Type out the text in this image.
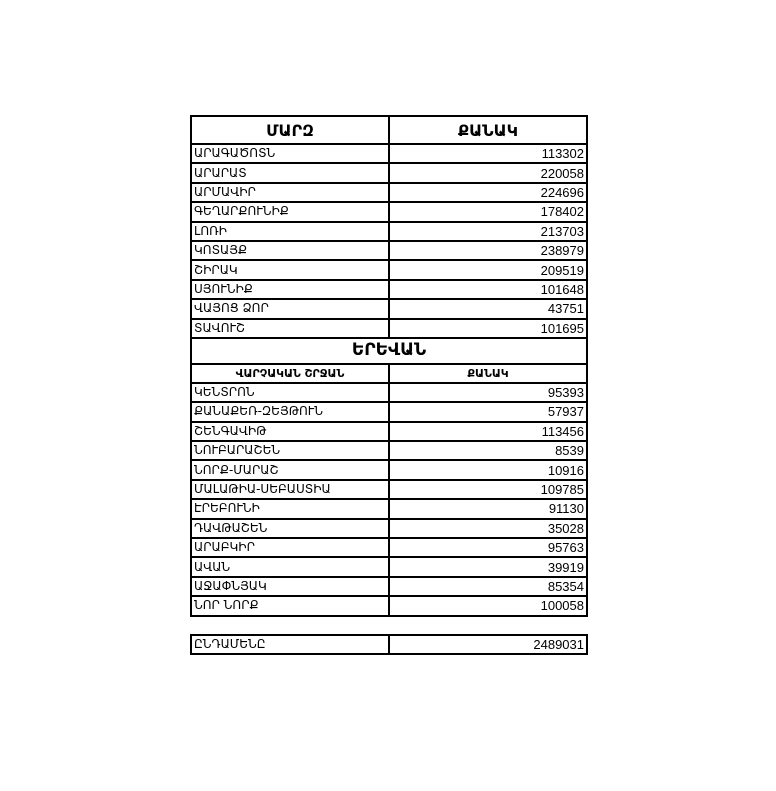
ՄԱՐԶ	ՔԱՆԱԿ
ԱՐԱԳԱԾՈՏՆ	113302
ԱՐԱՐԱՏ	220058
ԱՐՄԱՎԻՐ	224696
ԳԵՂԱՐՔՈՒՆԻՔ	178402
ԼՈՌԻ	213703
ԿՈՏԱՅՔ	238979
ՇԻՐԱԿ	209519
ՍՅՈՒՆԻՔ	101648
ՎԱՅՈՑ ՁՈՐ	43751
ՏԱՎՈՒՇ	101695
ԵՐԵՎԱՆ	
ՎԱՐՉԱԿԱՆ ՇՐՋԱՆ	ՔԱՆԱԿ
ԿԵՆՏՐՈՆ	95393
ՔԱՆԱՔԵՌ-ԶԵՅԹՈՒՆ	57937
ՇԵՆԳԱՎԻԹ	113456
ՆՈՒԲԱՐԱՇԵՆ	8539
ՆՈՐՔ-ՄԱՐԱՇ	10916
ՄԱԼԱԹԻԱ-ՍԵԲԱՍՏԻԱ	109785
ԷՐԵԲՈՒՆԻ	91130
ԴԱՎԹԱՇԵՆ	35028
ԱՐԱԲԿԻՐ	95763
ԱՎԱՆ	39919
ԱՋԱՓՆՅԱԿ	85354
ՆՈՐ ՆՈՐՔ	100058
ԸՆԴԱՄԵՆԸ	2489031
